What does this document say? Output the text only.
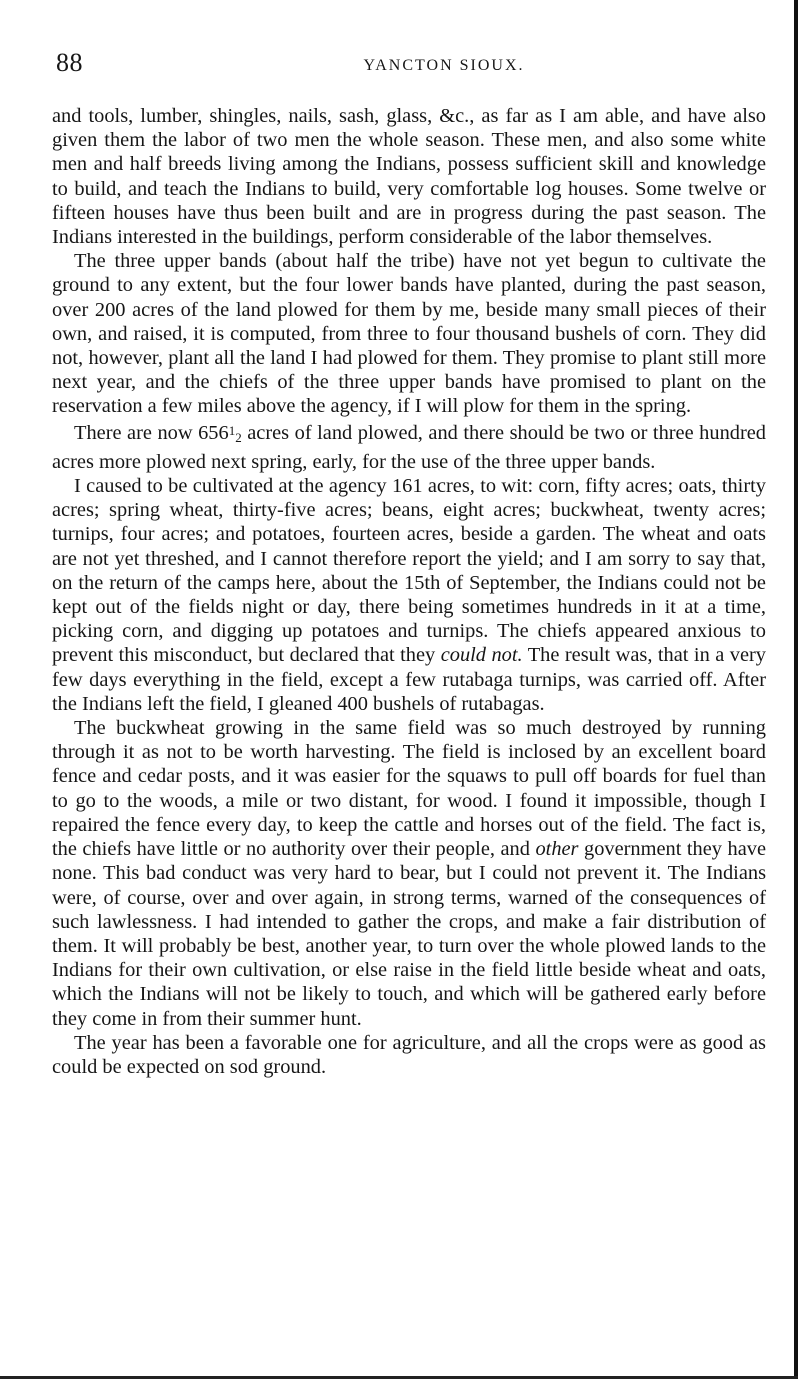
88	YANCTON SIOUX.

and tools, lumber, shingles, nails, sash, glass, &c., as far as I am able, and have also given them the labor of two men the whole season. These men, and also some white men and half breeds living among the Indians, possess sufficient skill and knowledge to build, and teach the Indians to build, very comfortable log houses. Some twelve or fifteen houses have thus been built and are in progress during the past season. The Indians interested in the buildings, perform considerable of the labor themselves.

The three upper bands (about half the tribe) have not yet begun to cultivate the ground to any extent, but the four lower bands have planted, during the past season, over 200 acres of the land plowed for them by me, beside many small pieces of their own, and raised, it is computed, from three to four thousand bushels of corn. They did not, however, plant all the land I had plowed for them. They promise to plant still more next year, and the chiefs of the three upper bands have promised to plant on the reservation a few miles above the agency, if I will plow for them in the spring.

There are now 65612 acres of land plowed, and there should be two or three hundred acres more plowed next spring, early, for the use of the three upper bands.

I caused to be cultivated at the agency 161 acres, to wit: corn, fifty acres; oats, thirty acres; spring wheat, thirty-five acres; beans, eight acres; buckwheat, twenty acres; turnips, four acres; and potatoes, fourteen acres, beside a garden. The wheat and oats are not yet threshed, and I cannot therefore report the yield; and I am sorry to say that, on the return of the camps here, about the 15th of September, the Indians could not be kept out of the fields night or day, there being sometimes hundreds in it at a time, picking corn, and digging up potatoes and turnips. The chiefs appeared anxious to prevent this misconduct, but declared that they could not. The result was, that in a very few days everything in the field, except a few rutabaga turnips, was carried off. After the Indians left the field, I gleaned 400 bushels of rutabagas.

The buckwheat growing in the same field was so much destroyed by running through it as not to be worth harvesting. The field is inclosed by an excellent board fence and cedar posts, and it was easier for the squaws to pull off boards for fuel than to go to the woods, a mile or two distant, for wood. I found it impossible, though I repaired the fence every day, to keep the cattle and horses out of the field. The fact is, the chiefs have little or no authority over their people, and other government they have none. This bad conduct was very hard to bear, but I could not prevent it. The Indians were, of course, over and over again, in strong terms, warned of the consequences of such lawlessness. I had intended to gather the crops, and make a fair distribution of them. It will probably be best, another year, to turn over the whole plowed lands to the Indians for their own cultivation, or else raise in the field little beside wheat and oats, which the Indians will not be likely to touch, and which will be gathered early before they come in from their summer hunt.

The year has been a favorable one for agriculture, and all the crops were as good as could be expected on sod ground.
